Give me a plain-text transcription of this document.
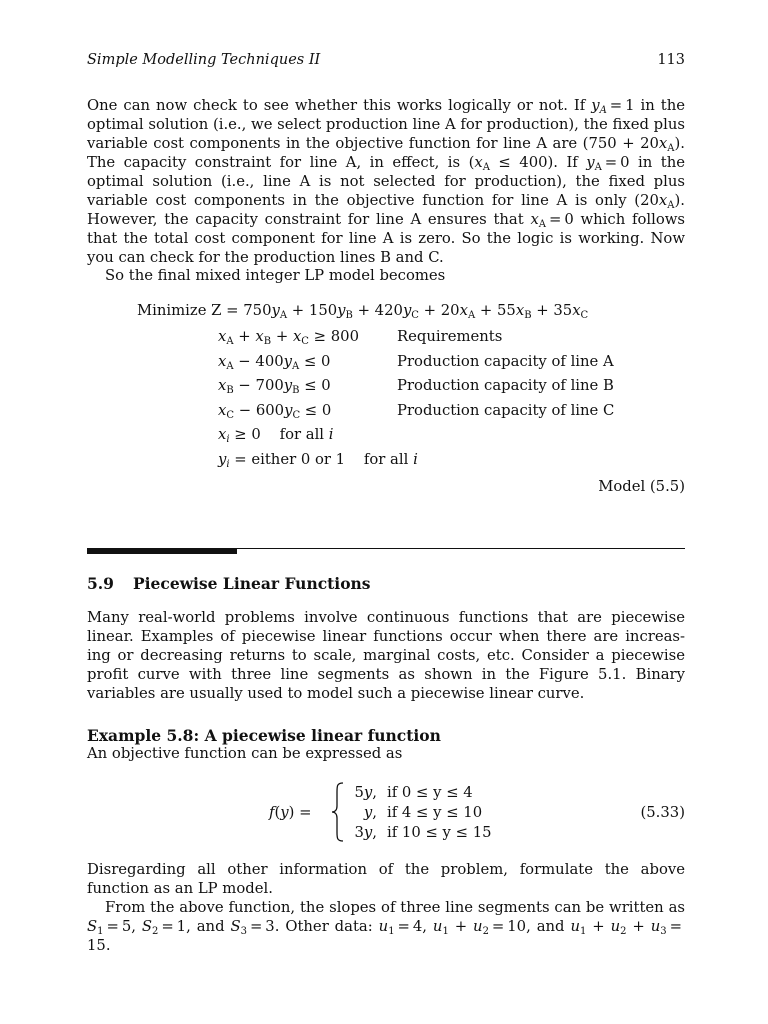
Simple Modelling Techniques II	113

One can now check to see whether this works logically or not. If $y_A = 1$ in the optimal solution (i.e., we select production line A for production), the fixed plus variable cost components in the objective function for line A are $(750 + 20x_A)$. The capacity constraint for line A, in effect, is $(x_A \le 400)$. If $y_A = 0$ in the optimal solution (i.e., line A is not selected for production), the fixed plus variable cost components in the objective function for line A is only $(20x_A)$. However, the capacity constraint for line A ensures that $x_A = 0$ which follows that the total cost component for line A is zero. So the logic is working. Now you can check for the production lines B and C.

So the final mixed integer LP model becomes

Minimize $Z = 750y_A + 150y_B + 420y_C + 20x_A + 55x_B + 35x_C$
$x_A + x_B + x_C \ge 800$	Requirements
$x_A - 400y_A \le 0$	Production capacity of line A
$x_B - 700y_B \le 0$	Production capacity of line B
$x_C - 600y_C \le 0$	Production capacity of line C
$x_i \ge 0$    for all i
$y_i$ = either 0 or 1    for all i
Model (5.5)
5.9 Piecewise Linear Functions

Many real-world problems involve continuous functions that are piecewise linear. Examples of piecewise linear functions occur when there are increas- ing or decreasing returns to scale, marginal costs, etc. Consider a piecewise profit curve with three line segments as shown in the Figure 5.1. Binary variables are usually used to model such a piecewise linear curve.

Example 5.8: A piecewise linear function
An objective function can be expressed as
f(y) =
5y, if 0 ≤ y ≤ 4
y, if 4 ≤ y ≤ 10
3y, if 10 ≤ y ≤ 15
(5.33)

Disregarding all other information of the problem, formulate the above function as an LP model.

From the above function, the slopes of three line segments can be written as $S_1 = 5$, $S_2 = 1$, and $S_3 = 3$. Other data: $u_1 = 4$, $u_1 + u_2 = 10$, and $u_1 + u_2 + u_3 = 15$.
